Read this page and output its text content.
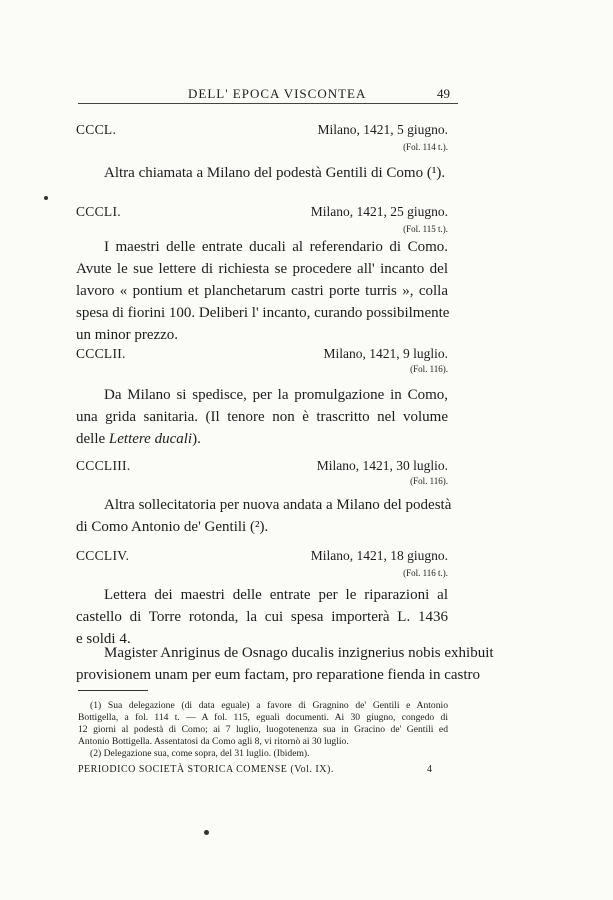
DELL' EPOCA VISCONTEA	49
CCCL.	Milano, 1421, 5 giugno.
(Fol. 114 t.).
Altra chiamata a Milano del podestà Gentili di Como (¹).
CCCLI.	Milano, 1421, 25 giugno.
(Fol. 115 t.).
I maestri delle entrate ducali al referendario di Como.
Avute le sue lettere di richiesta se procedere all' incanto del
lavoro « pontium et planchetarum castri porte turris », colla
spesa di fiorini 100. Deliberi l' incanto, curando possibilmente
un minor prezzo.
CCCLII.	Milano, 1421, 9 luglio.
(Fol. 116).
Da Milano si spedisce, per la promulgazione in Como,
una grida sanitaria. (Il tenore non è trascritto nel volume
delle Lettere ducali).
CCCLIII.	Milano, 1421, 30 luglio.
(Fol. 116).
Altra sollecitatoria per nuova andata a Milano del podestà
di Como Antonio de' Gentili (²).
CCCLIV.	Milano, 1421, 18 giugno.
(Fol. 116 t.).
Lettera dei maestri delle entrate per le riparazioni al
castello di Torre rotonda, la cui spesa importerà L. 1436
e soldi 4.
Magister Anriginus de Osnago ducalis inzignerius nobis exhibuit
provisionem unam per eum factam, pro reparatione fienda in castro
(1) Sua delegazione (di data eguale) a favore di Gragnino de' Gentili e Antonio
Bottigella, a fol. 114 t. — A fol. 115, eguali documenti. Ai 30 giugno, congedo di
12 giorni al podestà di Como; ai 7 luglio, luogotenenza sua in Gracino de' Gentili ed
Antonio Bottigella. Assentatosi da Como agli 8, vi ritornò ai 30 luglio.
(2) Delegazione sua, come sopra, del 31 luglio. (Ibidem).
PERIODICO SOCIETÀ STORICA COMENSE (Vol. IX).	4
